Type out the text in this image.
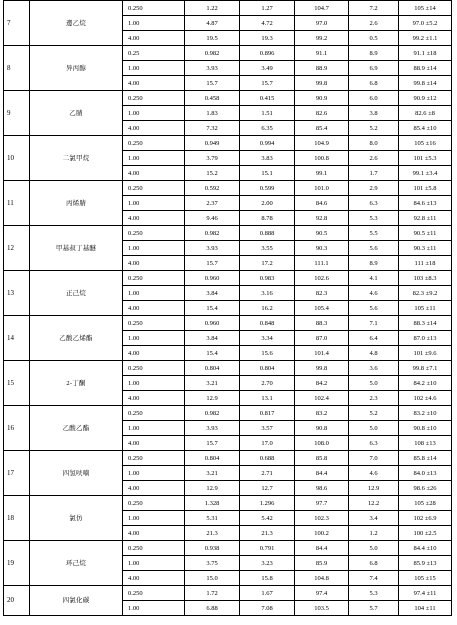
7	邊乙烷	0.250	1.22	1.27	104.7	7.2	105 ±14
		1.00	4.87	4.72	97.0	2.6	97.0 ±5.2
		4.00	19.5	19.3	99.2	0.5	99.2 ±1.1
8	异丙醇	0.25	0.982	0.896	91.1	8.9	91.1 ±18
		1.00	3.93	3.49	88.9	6.9	88.9 ±14
		4.00	15.7	15.7	99.8	6.8	99.8 ±14
9	乙腈	0.250	0.458	0.415	90.9	6.0	90.9 ±12
		1.00	1.83	1.51	82.6	3.8	82.6 ±8
		4.00	7.32	6.35	85.4	5.2	85.4 ±10
10	二氯甲烷	0.250	0.949	0.994	104.9	8.0	105 ±16
		1.00	3.79	3.83	100.8	2.6	101 ±5.3
		4.00	15.2	15.1	99.1	1.7	99.1 ±3.4
11	丙烯腈	0.250	0.592	0.599	101.0	2.9	101 ±5.8
		1.00	2.37	2.00	84.6	6.3	84.6 ±13
		4.00	9.46	8.78	92.8	5.3	92.8 ±11
12	甲基叔丁基醚	0.250	0.982	0.888	90.5	5.5	90.5 ±11
		1.00	3.93	3.55	90.3	5.6	90.3 ±11
		4.00	15.7	17.2	111.1	8.9	111 ±18
13	正己烷	0.250	0.960	0.983	102.6	4.1	103 ±8.3
		1.00	3.84	3.16	82.3	4.6	82.3 ±9.2
		4.00	15.4	16.2	105.4	5.6	105 ±11
14	乙酸乙烯酯	0.250	0.960	0.848	88.3	7.1	88.3 ±14
		1.00	3.84	3.34	87.0	6.4	87.0 ±13
		4.00	15.4	15.6	101.4	4.8	101 ±9.6
15	2-丁酮	0.250	0.804	0.804	99.8	3.6	99.8 ±7.1
		1.00	3.21	2.70	84.2	5.0	84.2 ±10
		4.00	12.9	13.1	102.4	2.3	102 ±4.6
16	乙酸乙酯	0.250	0.982	0.817	83.2	5.2	83.2 ±10
		1.00	3.93	3.57	90.8	5.0	90.8 ±10
		4.00	15.7	17.0	108.0	6.3	108 ±13
17	四氢呋喃	0.250	0.804	0.688	85.8	7.0	85.8 ±14
		1.00	3.21	2.71	84.4	4.6	84.0 ±13
		4.00	12.9	12.7	98.6	12.9	98.6 ±26
18	氯仿	0.250	1.328	1.296	97.7	12.2	105 ±28
		1.00	5.31	5.42	102.3	3.4	102 ±6.9
		4.00	21.3	21.3	100.2	1.2	100 ±2.5
19	环己烷	0.250	0.938	0.791	84.4	5.0	84.4 ±10
		1.00	3.75	3.23	85.9	6.8	85.9 ±13
		4.00	15.0	15.8	104.8	7.4	105 ±15
20	四氯化碳	0.250	1.72	1.67	97.4	5.3	97.4 ±11
		1.00	6.88	7.08	103.5	5.7	104 ±11
